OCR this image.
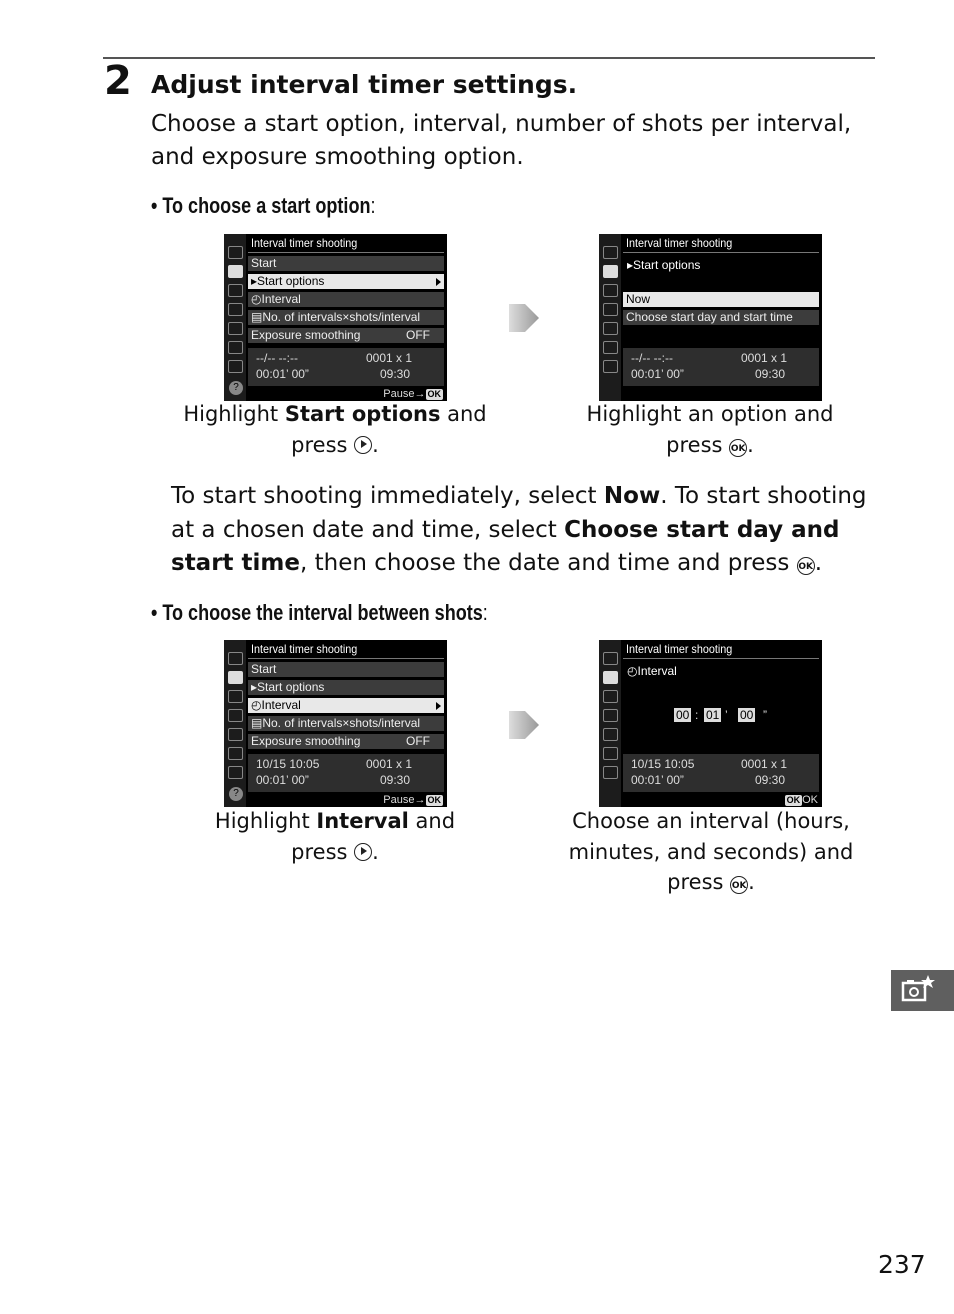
2 Adjust interval timer settings.
Choose a start option, interval, number of shots per interval, and exposure smoothing option.
• To choose a start option:
?
Interval timer shooting
Start
▸Start options
◴Interval
▤No. of intervals×shots/interval
Exposure smoothing	OFF
--/-- --:--	0001 x 1
00:01’ 00”	09:30
Pause→ OK
Interval timer shooting
▸Start options
Now
Choose start day and start time
--/-- --:--	0001 x 1
00:01’ 00”	09:30
Highlight Start options and press .
Highlight an option and press OK.
To start shooting immediately, select Now. To start shooting at a chosen date and time, select Choose start day and start time, then choose the date and time and press OK.
• To choose the interval between shots:
?
Interval timer shooting
Start
▸Start options
◴Interval
▤No. of intervals×shots/interval
Exposure smoothing	OFF
10/15 10:05	0001 x 1
00:01’ 00”	09:30
Pause→ OK
Interval timer shooting
◴Interval
00 : 01 ’ 00 ”
10/15 10:05	0001 x 1
00:01’ 00”	09:30
OK OK
Highlight Interval and press .
Choose an interval (hours, minutes, and seconds) and press OK.
237
